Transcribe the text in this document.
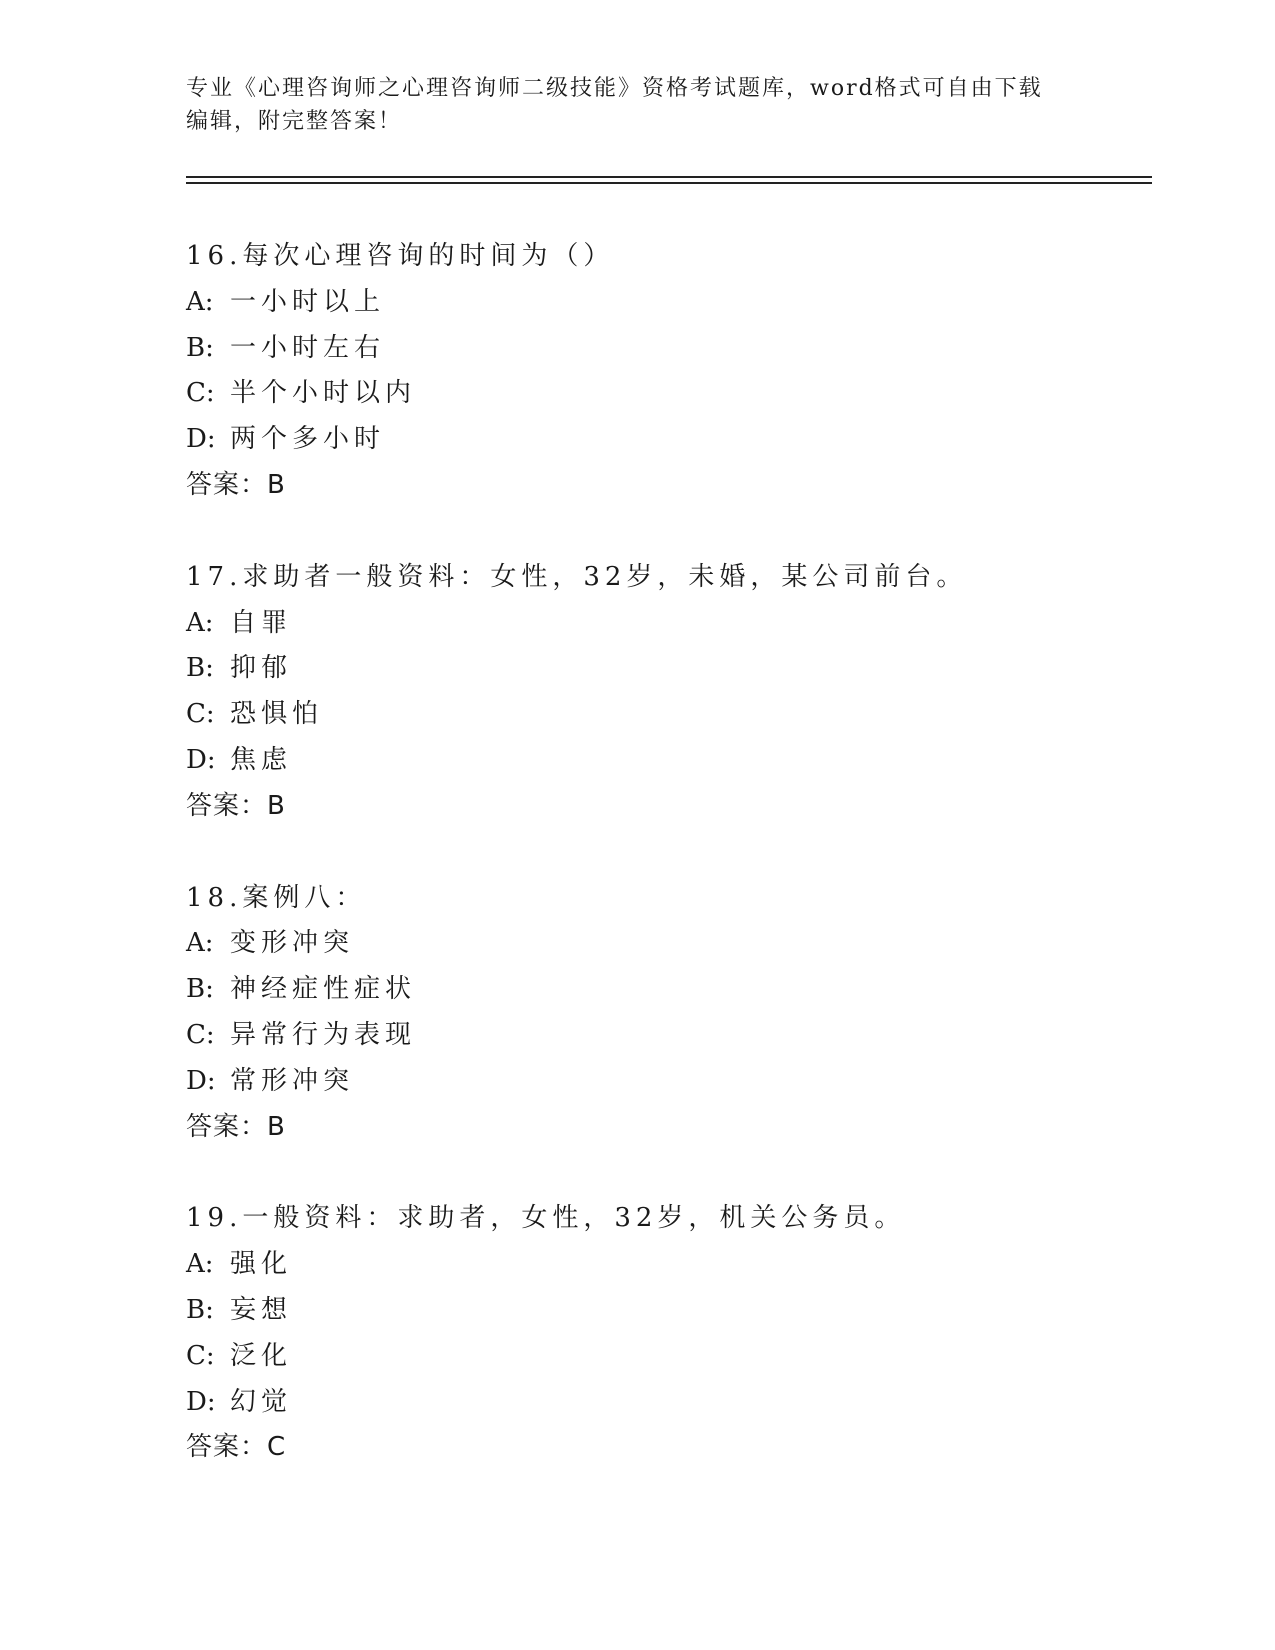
专业《心理咨询师之心理咨询师二级技能》资格考试题库，word格式可自由下载
编辑，附完整答案！
16.每次心理咨询的时间为（）
A: 一小时以上
B: 一小时左右
C: 半个小时以内
D: 两个多小时
答案：B
17.求助者一般资料：女性，32岁，未婚，某公司前台。
A: 自罪
B: 抑郁
C: 恐惧怕
D: 焦虑
答案：B
18.案例八：
A: 变形冲突
B: 神经症性症状
C: 异常行为表现
D: 常形冲突
答案：B
19.一般资料：求助者，女性，32岁，机关公务员。
A: 强化
B: 妄想
C: 泛化
D: 幻觉
答案：C
